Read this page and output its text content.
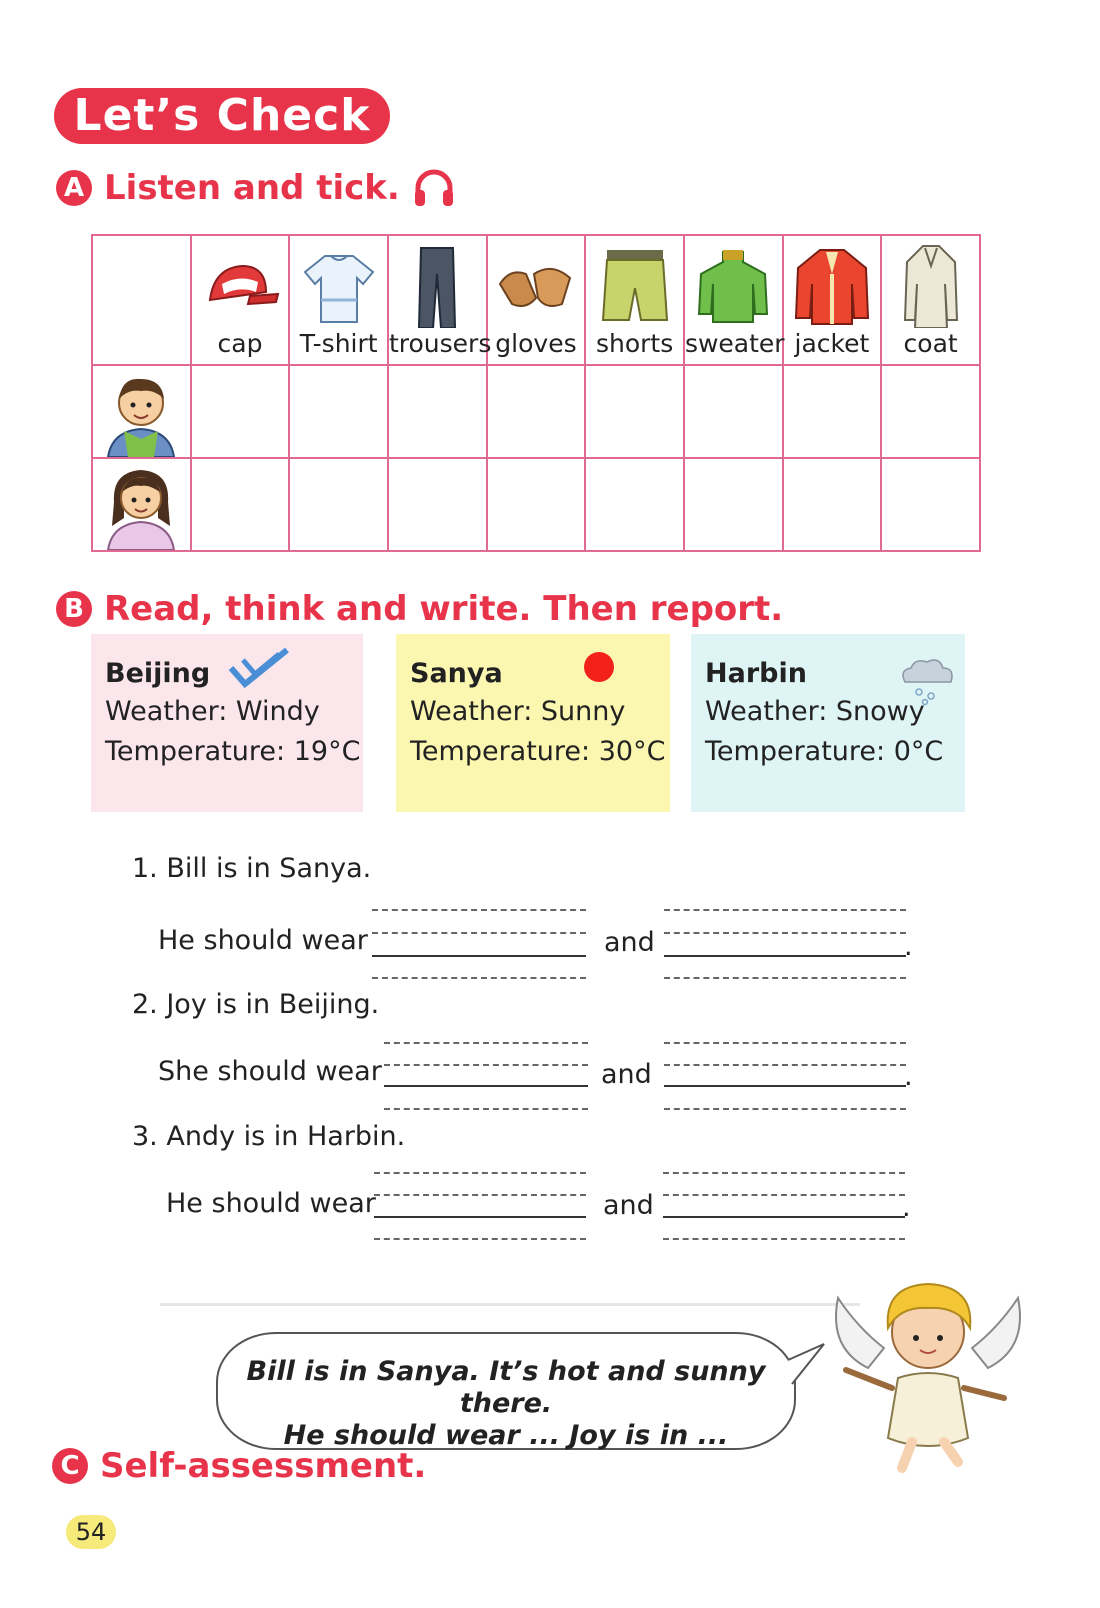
Let’s Check
A Listen and tick.

	cap	T-shirt	trousers	gloves	shorts	sweater	jacket	coat

B Read, think and write. Then report.
Beijing
Weather: Windy
Temperature: 19°C
Sanya
Weather: Sunny
Temperature: 30°C
Harbin
Weather: Snowy
Temperature: 0°C
1. Bill is in Sanya.
He should wear	and	.
2. Joy is in Beijing.
She should wear	and	.
3. Andy is in Harbin.
He should wear	and	.
Bill is in Sanya. It’s hot and sunny there.
He should wear ... Joy is in ...
C Self-assessment.
54
